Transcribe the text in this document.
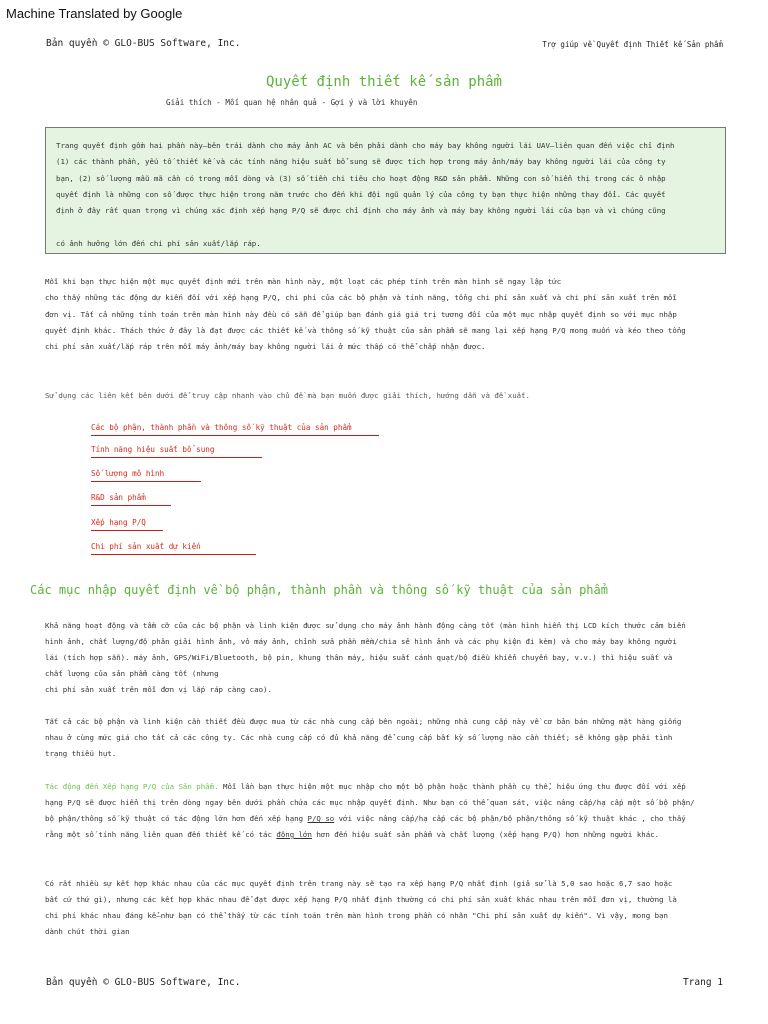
Machine Translated by Google
Bản quyền © GLO-BUS Software, Inc.	Trợ giúp về Quyết định Thiết kế Sản phẩm
Quyết định thiết kế sản phẩm
Giải thích - Mối quan hệ nhân quả - Gợi ý và lời khuyên

Trang quyết định gồm hai phần này—bên trái dành cho máy ảnh AC và bên phải dành cho máy bay không người lái UAV—liên quan đến việc chỉ định

(1) các thành phần, yếu tố thiết kế và các tính năng hiệu suất bổ sung sẽ được tích hợp trong máy ảnh/máy bay không người lái của công ty

bạn, (2) số lượng mẫu mã cần có trong mỗi dòng và (3) số tiền chi tiêu cho hoạt động R&D sản phẩm. Những con số hiển thị trong các ô nhập

quyết định là những con số được thực hiện trong năm trước cho đến khi đội ngũ quản lý của công ty bạn thực hiện những thay đổi. Các quyết

định ở đây rất quan trọng vì chúng xác định xếp hạng P/Q sẽ được chỉ định cho máy ảnh và máy bay không người lái của bạn và vì chúng cũng

có ảnh hưởng lớn đến chi phí sản xuất/lắp ráp.

Mỗi khi bạn thực hiện một mục quyết định mới trên màn hình này, một loạt các phép tính trên màn hình sẽ ngay lập tức
cho thấy những tác động dự kiến đối với xếp hạng P/Q, chi phí của các bộ phận và tính năng, tổng chi phí sản xuất và chi phí sản xuất trên mỗi
đơn vị. Tất cả những tính toán trên màn hình này đều có sẵn để giúp bạn đánh giá giá trị tương đối của một mục nhập quyết định so với mục nhập
quyết định khác. Thách thức ở đây là đạt được các thiết kế và thông số kỹ thuật của sản phẩm sẽ mang lại xếp hạng P/Q mong muốn và kéo theo tổng
chi phí sản xuất/lắp ráp trên mỗi máy ảnh/máy bay không người lái ở mức thấp có thể chấp nhận được.

Sử dụng các liên kết bên dưới để truy cập nhanh vào chủ đề mà bạn muốn được giải thích, hướng dẫn và đề xuất.

Các bộ phận, thành phần và thông số kỹ thuật của sản phẩm
Tính năng hiệu suất bổ sung
Số lượng mô hình
R&D sản phẩm
Xếp hạng P/Q
Chi phí sản xuất dự kiến
Các mục nhập quyết định về bộ phận, thành phần và thông số kỹ thuật của sản phẩm
Khả năng hoạt động và tầm cỡ của các bộ phận và linh kiện được sử dụng cho máy ảnh hành động càng tốt (màn hình hiển thị LCD kích thước cảm biến
hình ảnh, chất lượng/độ phân giải hình ảnh, vỏ máy ảnh, chỉnh sửa phần mềm/chia sẻ hình ảnh và các phụ kiện đi kèm) và cho máy bay không người
lái (tích hợp sẵn). máy ảnh, GPS/WiFi/Bluetooth, bộ pin, khung thân máy, hiệu suất cánh quạt/bộ điều khiển chuyến bay, v.v.) thì hiệu suất và
chất lượng của sản phẩm càng tốt (nhưng
chi phí sản xuất trên mỗi đơn vị lắp ráp càng cao).
Tất cả các bộ phận và linh kiện cần thiết đều được mua từ các nhà cung cấp bên ngoài; những nhà cung cấp này về cơ bản bán những mặt hàng giống
nhau ở cùng mức giá cho tất cả các công ty. Các nhà cung cấp có đủ khả năng để cung cấp bất kỳ số lượng nào cần thiết; sẽ không gặp phải tình
trạng thiếu hụt.
Tác động đến Xếp hạng P/Q của Sản phẩm. Mỗi lần bạn thực hiện một mục nhập cho một bộ phận hoặc thành phần cụ thể, hiệu ứng thu được đối với xếp
hạng P/Q sẽ được hiển thị trên dòng ngay bên dưới phần chứa các mục nhập quyết định. Như bạn có thể quan sát, việc nâng cấp/hạ cấp một số bộ phận/
bộ phận/thông số kỹ thuật có tác động lớn hơn đến xếp hạng P/Q so với việc nâng cấp/hạ cấp các bộ phận/bộ phận/thông số kỹ thuật khác , cho thấy
rằng một số tính năng liên quan đến thiết kế có tác động lớn hơn đến hiệu suất sản phẩm và chất lượng (xếp hạng P/Q) hơn những người khác.
Có rất nhiều sự kết hợp khác nhau của các mục quyết định trên trang này sẽ tạo ra xếp hạng P/Q nhất định (giả sử là 5,0 sao hoặc 6,7 sao hoặc
bất cứ thứ gì), nhưng các kết hợp khác nhau để đạt được xếp hạng P/Q nhất định thường có chi phí sản xuất khác nhau trên mỗi đơn vị, thường là
chi phí khác nhau đáng kể—như bạn có thể thấy từ các tính toán trên màn hình trong phần có nhãn "Chi phí sản xuất dự kiến". Vì vậy, mong bạn
dành chút thời gian
Bản quyền © GLO-BUS Software, Inc.	Trang 1
